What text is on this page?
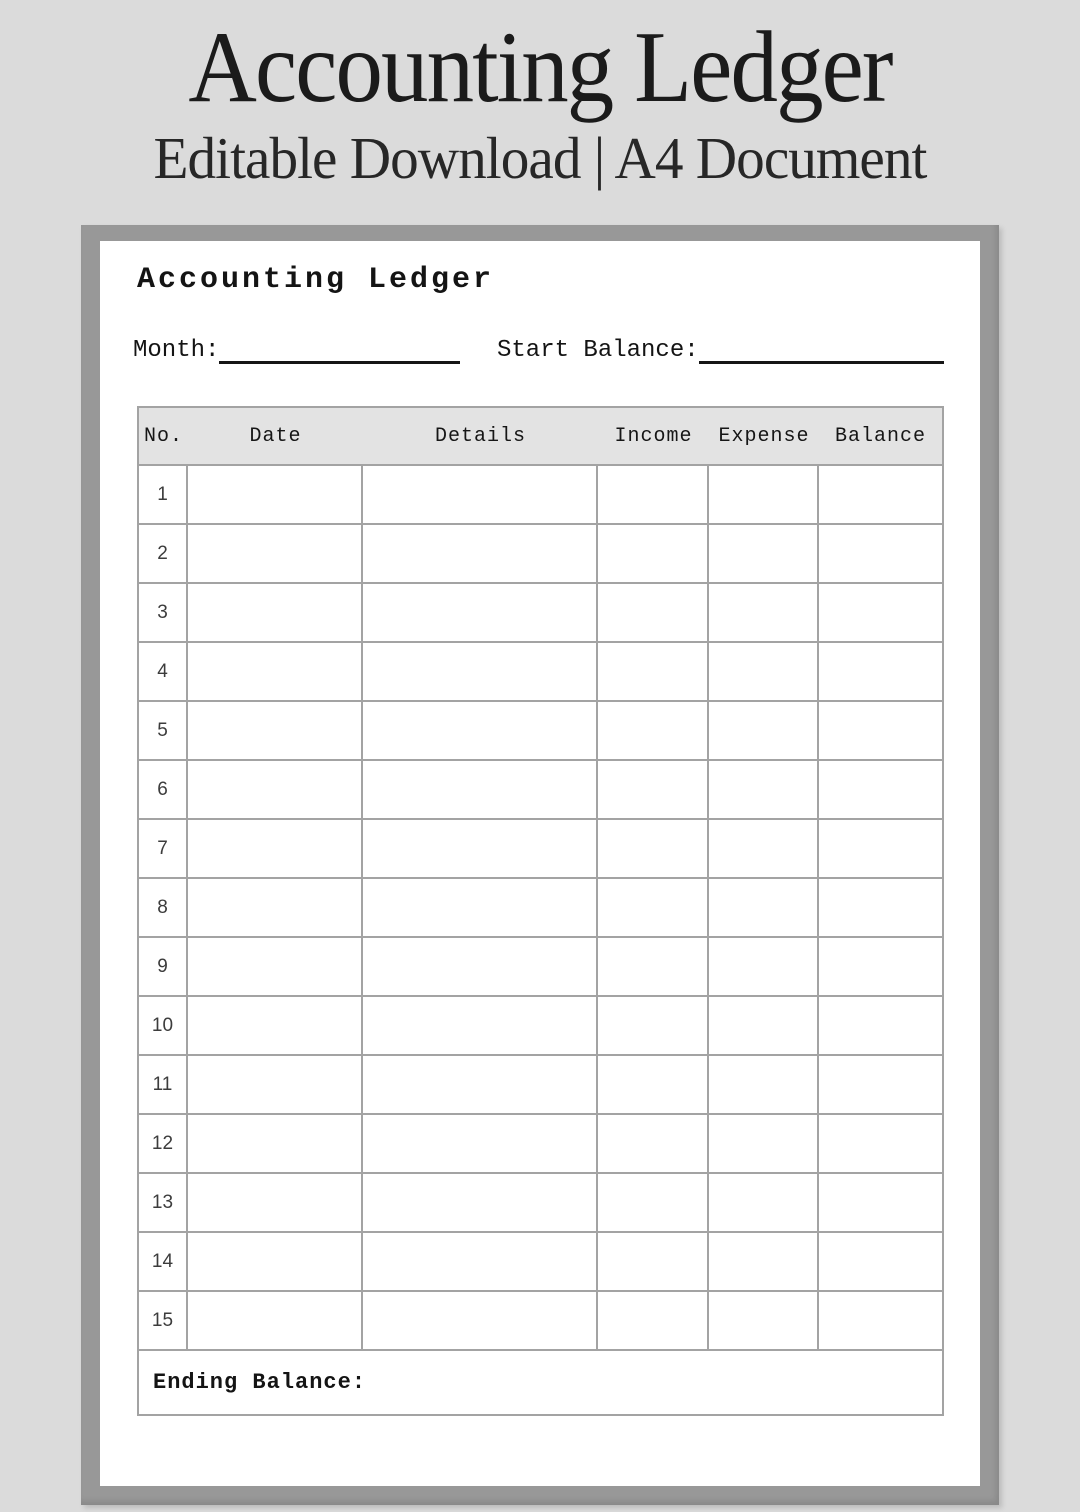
Accounting Ledger
Editable Download | A4 Document
Accounting Ledger
Month:	Start Balance:
No.	Date	Details	Income	Expense	Balance
1
2
3
4
5
6
7
8
9
10
11
12
13
14
15
Ending Balance:
